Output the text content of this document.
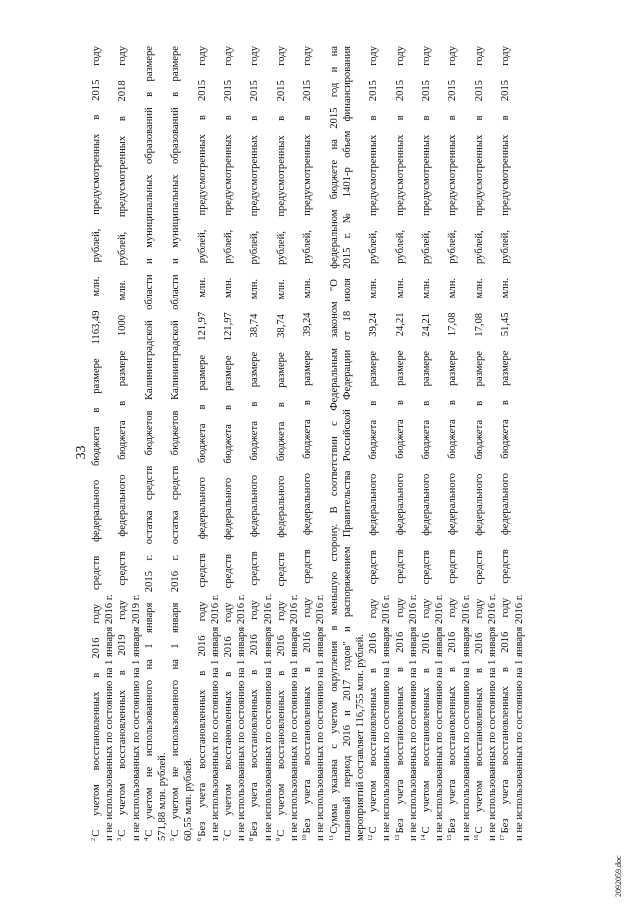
33
$^2$С учетом восстановленных в 2016 году средств федерального бюджета в размере 1163,49 млн. рублей, предусмотренных в 2015 году и не использованных по состоянию на 1 января 2016 г. $^3$С учетом восстановленных в 2019 году средств федерального бюджета в размере 1000 млн. рублей, предусмотренных в 2018 году и не использованных по состоянию на 1 января 2019 г. $^4$С учетом не использованного на 1 января 2015 г. остатка средств бюджетов Калининградской области и муниципальных образований в размере 571,88 млн. рублей. $^5$С учетом не использованного на 1 января 2016 г. остатка средств бюджетов Калининградской области и муниципальных образований в размере 60,55 млн. рублей. $^6$Без учета восстановленных в 2016 году средств федерального бюджета в размере 121,97 млн. рублей, предусмотренных в 2015 году и не использованных по состоянию на 1 января 2016 г. $^7$С учетом восстановленных в 2016 году средств федерального бюджета в размере 121,97 млн. рублей, предусмотренных в 2015 году и не использованных по состоянию на 1 января 2016 г. $^8$Без учета восстановленных в 2016 году средств федерального бюджета в размере 38,74 млн. рублей, предусмотренных в 2015 году и не использованных по состоянию на 1 января 2016 г. $^9$С учетом восстановленных в 2016 году средств федерального бюджета в размере 38,74 млн. рублей, предусмотренных в 2015 году и не использованных по состоянию на 1 января 2016 г. $^{10}$Без учета восстановленных в 2016 году средств федерального бюджета в размере 39,24 млн. рублей, предусмотренных в 2015 году и не использованных по состоянию на 1 января 2016 г. $^{11}$Сумма указана с учетом округления в меньшую сторону. В соответствии с Федеральным законом "О федеральном бюджете на 2015 год и на плановый период 2016 и 2017 годов" и распоряжением Правительства Российской Федерации от 18 июля 2015 г. № 1401-р объем финансирования мероприятий составляет 116,755 млн. рублей. $^{12}$С учетом восстановленных в 2016 году средств федерального бюджета в размере 39,24 млн. рублей, предусмотренных в 2015 году и не использованных по состоянию на 1 января 2016 г. $^{13}$Без учета восстановленных в 2016 году средств федерального бюджета в размере 24,21 млн. рублей, предусмотренных в 2015 году и не использованных по состоянию на 1 января 2016 г. $^{14}$С учетом восстановленных в 2016 году средств федерального бюджета в размере 24,21 млн. рублей, предусмотренных в 2015 году и не использованных по состоянию на 1 января 2016 г. $^{15}$Без учета восстановленных в 2016 году средств федерального бюджета в размере 17,08 млн. рублей, предусмотренных в 2015 году и не использованных по состоянию на 1 января 2016 г. $^{16}$С учетом восстановленных в 2016 году средств федерального бюджета в размере 17,08 млн. рублей, предусмотренных в 2015 году и не использованных по состоянию на 1 января 2016 г. $^{17}$Без учета восстановленных в 2016 году средств федерального бюджета в размере 51,45 млн. рублей, предусмотренных в 2015 году и не использованных по состоянию на 1 января 2016 г.
2092059.doc
